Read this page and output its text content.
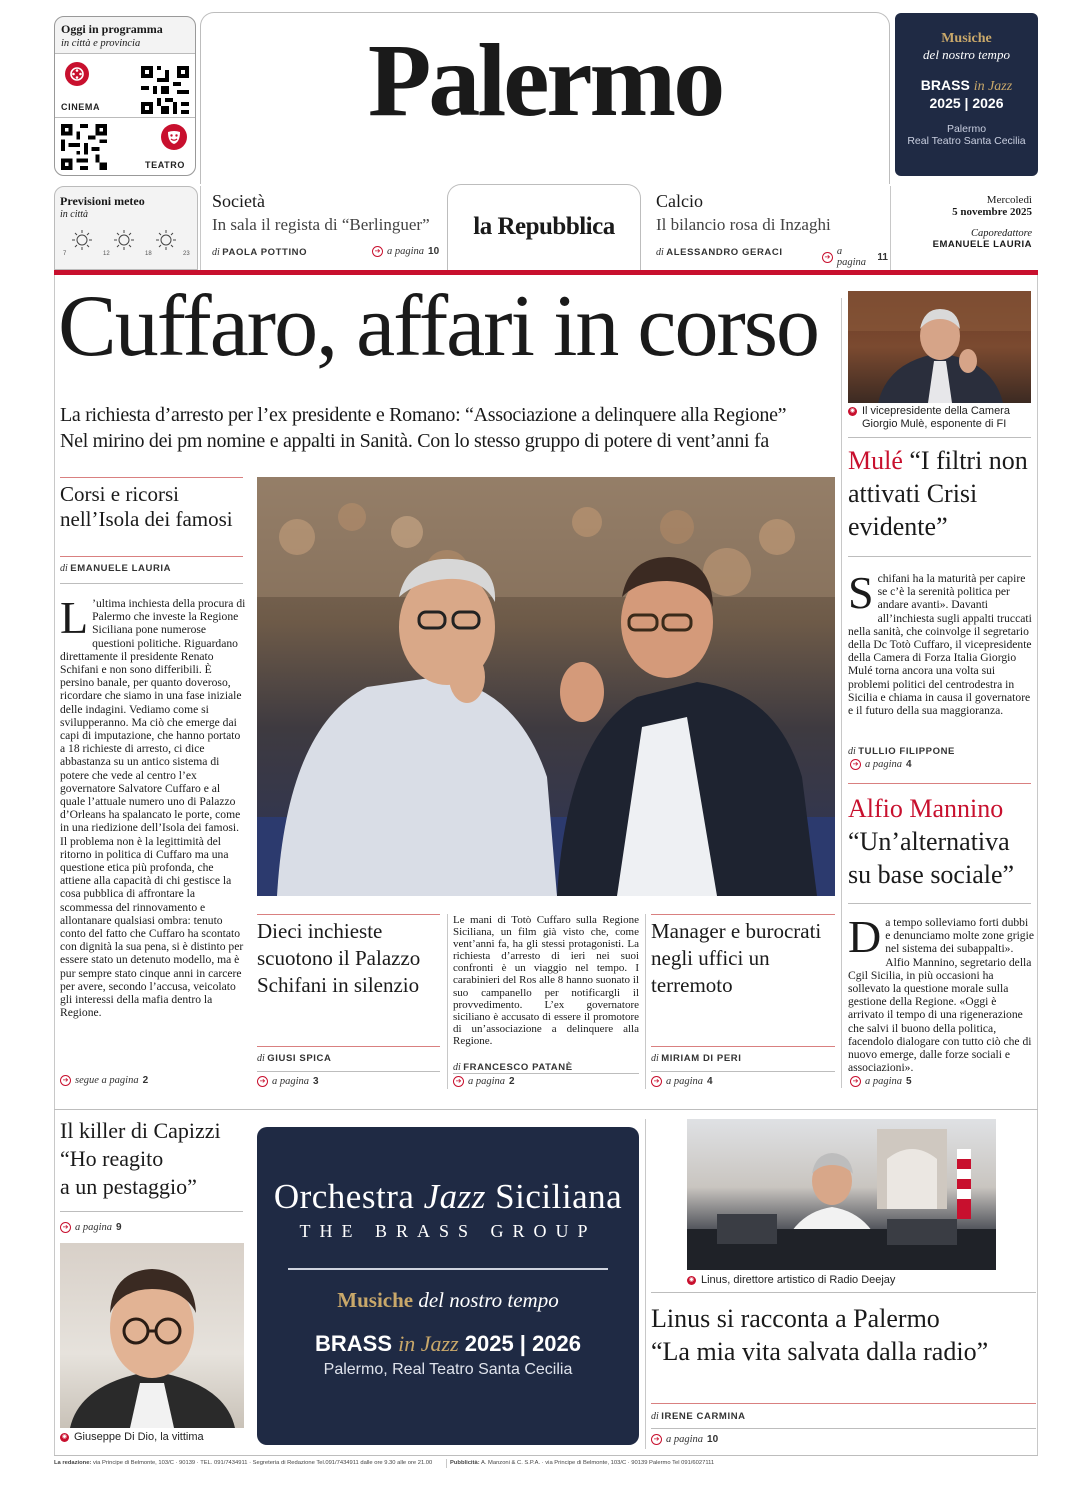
Oggi in programma
in città e provincia
CINEMA
TEATRO
Palermo	Musiche
del nostro tempo
BRASS in Jazz
2025 | 2026
Palermo
Real Teatro Santa Cecilia
Previsioni meteo
in città
7	12	18	23
Società
In sala il regista di “Berlinguer”
di PAOLA POTTINO	➔ a pagina 10
la Repubblica
Calcio
Il bilancio rosa di Inzaghi
di ALESSANDRO GERACI	➔ a pagina	11
Mercoledì
5 novembre 2025
Caporedattore
EMANUELE LAURIA
Cuffaro, affari in corso
La richiesta d’arresto per l’ex presidente e Romano: “Associazione a delinquere alla Regione”
Nel mirino dei pm nomine e appalti in Sanità. Con lo stesso gruppo di potere di vent’anni fa
Corsi e ricorsi
nell’Isola dei famosi
di EMANUELE LAURIA
L ’ultima inchiesta della procura di Palermo che investe la Regione Siciliana pone numerose questioni politiche. Riguardano direttamente il presidente Renato Schifani e non sono differibili. È persino banale, per quanto doveroso, ricordare che siamo in una fase iniziale delle indagini. Vediamo come si svilupperanno. Ma ciò che emerge dai capi di imputazione, che hanno portato a 18 richieste di arresto, ci dice abbastanza su un antico sistema di potere che vede al centro l’ex governatore Salvatore Cuffaro e al quale l’attuale numero uno di Palazzo d’Orleans ha spalancato le porte, come in una riedizione dell’Isola dei famosi. Il problema non è la legittimità del ritorno in politica di Cuffaro ma una questione etica più profonda, che attiene alla capacità di chi gestisce la cosa pubblica di affrontare la scommessa del rinnovamento e allontanare qualsiasi ombra: tenuto conto del fatto che Cuffaro ha scontato con dignità la sua pena, si è distinto per essere stato un detenuto modello, ma è pur sempre stato cinque anni in carcere per avere, secondo l’accusa, veicolato gli interessi della mafia dentro la Regione.
➔ segue a pagina 2
Dieci inchieste scuotono il Palazzo Schifani in silenzio
di GIUSI SPICA
➔ a pagina 3
Le mani di Totò Cuffaro sulla Regione Siciliana, un film già visto che, come vent’anni fa, ha gli stessi protagonisti. La richiesta d’arresto di ieri nei suoi confronti è un viaggio nel tempo. I carabinieri del Ros alle 8 hanno suonato il suo campanello per notificargli il provvedimento. L’ex governatore siciliano è accusato di essere il promotore di un’associazione a delinquere alla Regione.
di FRANCESCO PATANÈ
➔ a pagina 2
Manager e burocrati negli uffici un terremoto
di MIRIAM DI PERI
➔ a pagina 4
◉ Il vicepresidente della Camera Giorgio Mulè, esponente di FI
Mulé “I filtri non attivati Crisi evidente”
Schifani ha la maturità per capire se c’è la serenità politica per andare avanti». Davanti all’inchiesta sugli appalti truccati nella sanità, che coinvolge il segretario della Dc Totò Cuffaro, il vicepresidente della Camera di Forza Italia Giorgio Mulé torna ancora una volta sui problemi politici del centrodestra in Sicilia e chiama in causa il governatore e il futuro della sua maggioranza.
di TULLIO FILIPPONE
➔ a pagina 4
Alfio Mannino
“Un’alternativa su base sociale”
Da tempo solleviamo forti dubbi e denunciamo molte zone grigie nel sistema dei subappalti». Alfio Mannino, segretario della Cgil Sicilia, in più occasioni ha sollevato la questione morale sulla gestione della Regione. «Oggi è arrivato il tempo di una rigenerazione che salvi il buono della politica, facendolo dialogare con tutto ciò che di nuovo emerge, dalle forze sociali e associazioni».
➔ a pagina 5
Il killer di Capizzi
“Ho reagito
a un pestaggio”
➔ a pagina 9
◉ Giuseppe Di Dio, la vittima
Orchestra Jazz Siciliana
THE BRASS GROUP
Musiche del nostro tempo
BRASS in Jazz 2025 | 2026
Palermo, Real Teatro Santa Cecilia
◉ Linus, direttore artistico di Radio Deejay
Linus si racconta a Palermo
“La mia vita salvata dalla radio”
di IRENE CARMINA
➔ a pagina 10
La redazione: via Principe di Belmonte, 103/C · 90139 · TEL. 091/7434911 · Segreteria di Redazione Tel.091/7434911 dalle ore 9.30 alle ore 21.00	Pubblicità: A. Manzoni & C. S.P.A. · via Principe di Belmonte, 103/C · 90139 Palermo Tel 091/6027111
